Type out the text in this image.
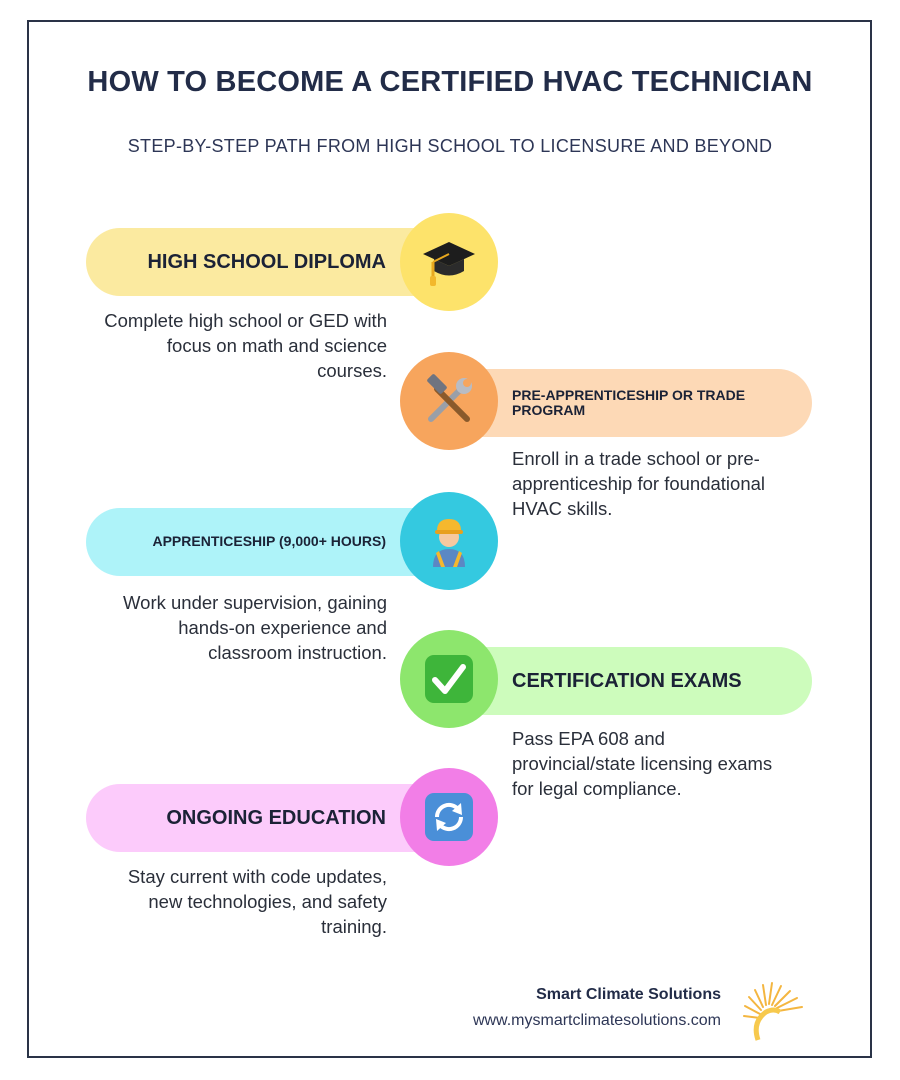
HOW TO BECOME A CERTIFIED HVAC TECHNICIAN
STEP-BY-STEP PATH FROM HIGH SCHOOL TO LICENSURE AND BEYOND
HIGH SCHOOL DIPLOMA
Complete high school or GED with focus on math and science courses.
PRE-APPRENTICESHIP OR TRADE PROGRAM
Enroll in a trade school or pre-apprenticeship for foundational HVAC skills.
APPRENTICESHIP (9,000+ HOURS)
Work under supervision, gaining hands-on experience and classroom instruction.
CERTIFICATION EXAMS
Pass EPA 608 and provincial/state licensing exams for legal compliance.
ONGOING EDUCATION
Stay current with code updates, new technologies, and safety training.
Smart Climate Solutions
www.mysmartclimatesolutions.com
